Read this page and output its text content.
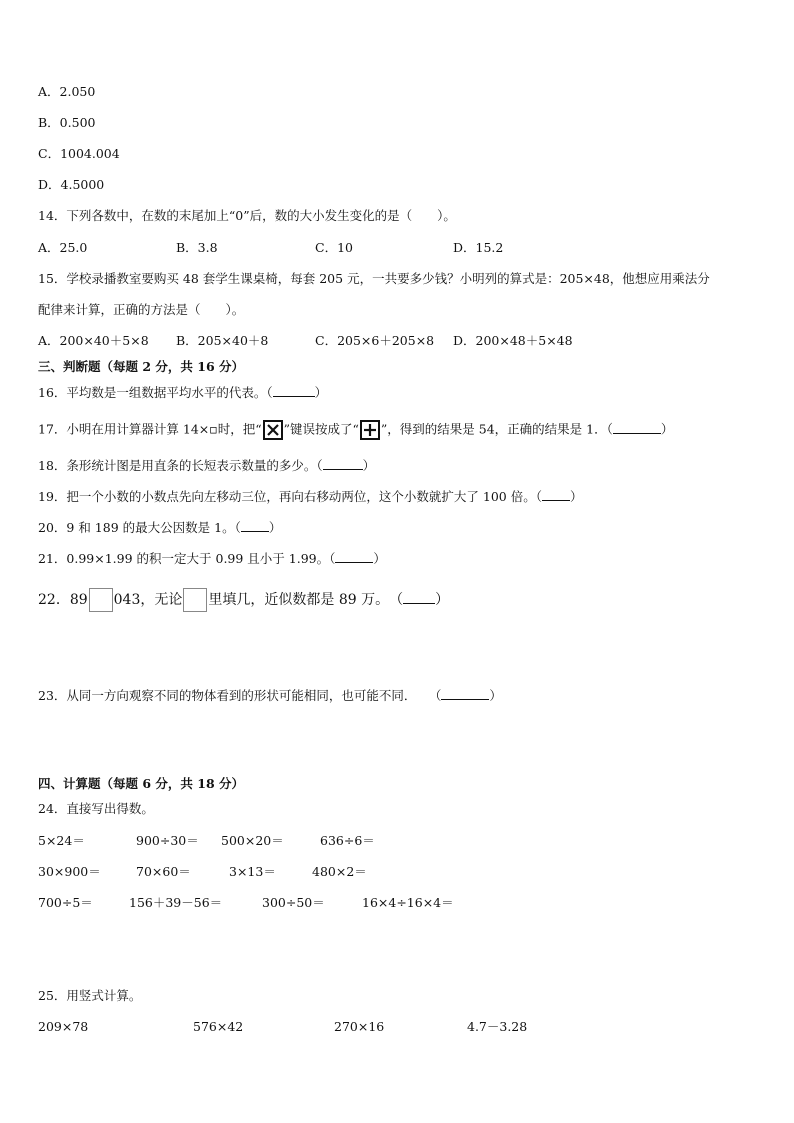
A．2.050
B．0.500
C．1004.004
D．4.5000
14．下列各数中，在数的末尾加上“0”后，数的大小发生变化的是（　　）。
A．25.0	B．3.8	C．10	D．15.2
15．学校录播教室要购买 48 套学生课桌椅，每套 205 元，一共要多少钱？小明列的算式是：205×48，他想应用乘法分
配律来计算，正确的方法是（　　）。
A．200×40＋5×8 B．205×40＋8	C．205×6＋205×8 D．200×48＋5×48
三、判断题（每题 2 分，共 16 分）
16．平均数是一组数据平均水平的代表。（	）
17．小明在用计算器计算 14×▫时，把“ ”键误按成了“ ”，得到的结果是 54，正确的结果是 1．（	）
18．条形统计图是用直条的长短表示数量的多少。（	）
19．把一个小数的小数点先向左移动三位，再向右移动两位，这个小数就扩大了 100 倍。（ ）
20．9 和 189 的最大公因数是 1。（ ）
21．0.99×1.99 的积一定大于 0.99 且小于 1.99。（	）
22．89 043，无论 里填几，近似数都是 89 万。　（ ）
23．从同一方向观察不同的物体看到的形状可能相同，也可能不同．　　（	）
四、计算题（每题 6 分，共 18 分）
24．直接写出得数。
5×24＝	900÷30＝ 500×20＝	636÷6＝
30×900＝	70×60＝	3×13＝	480×2＝
700÷5＝	156＋39－56＝	300÷50＝	16×4÷16×4＝
25．用竖式计算。
209×78	576×42	270×16	4.7－3.28
